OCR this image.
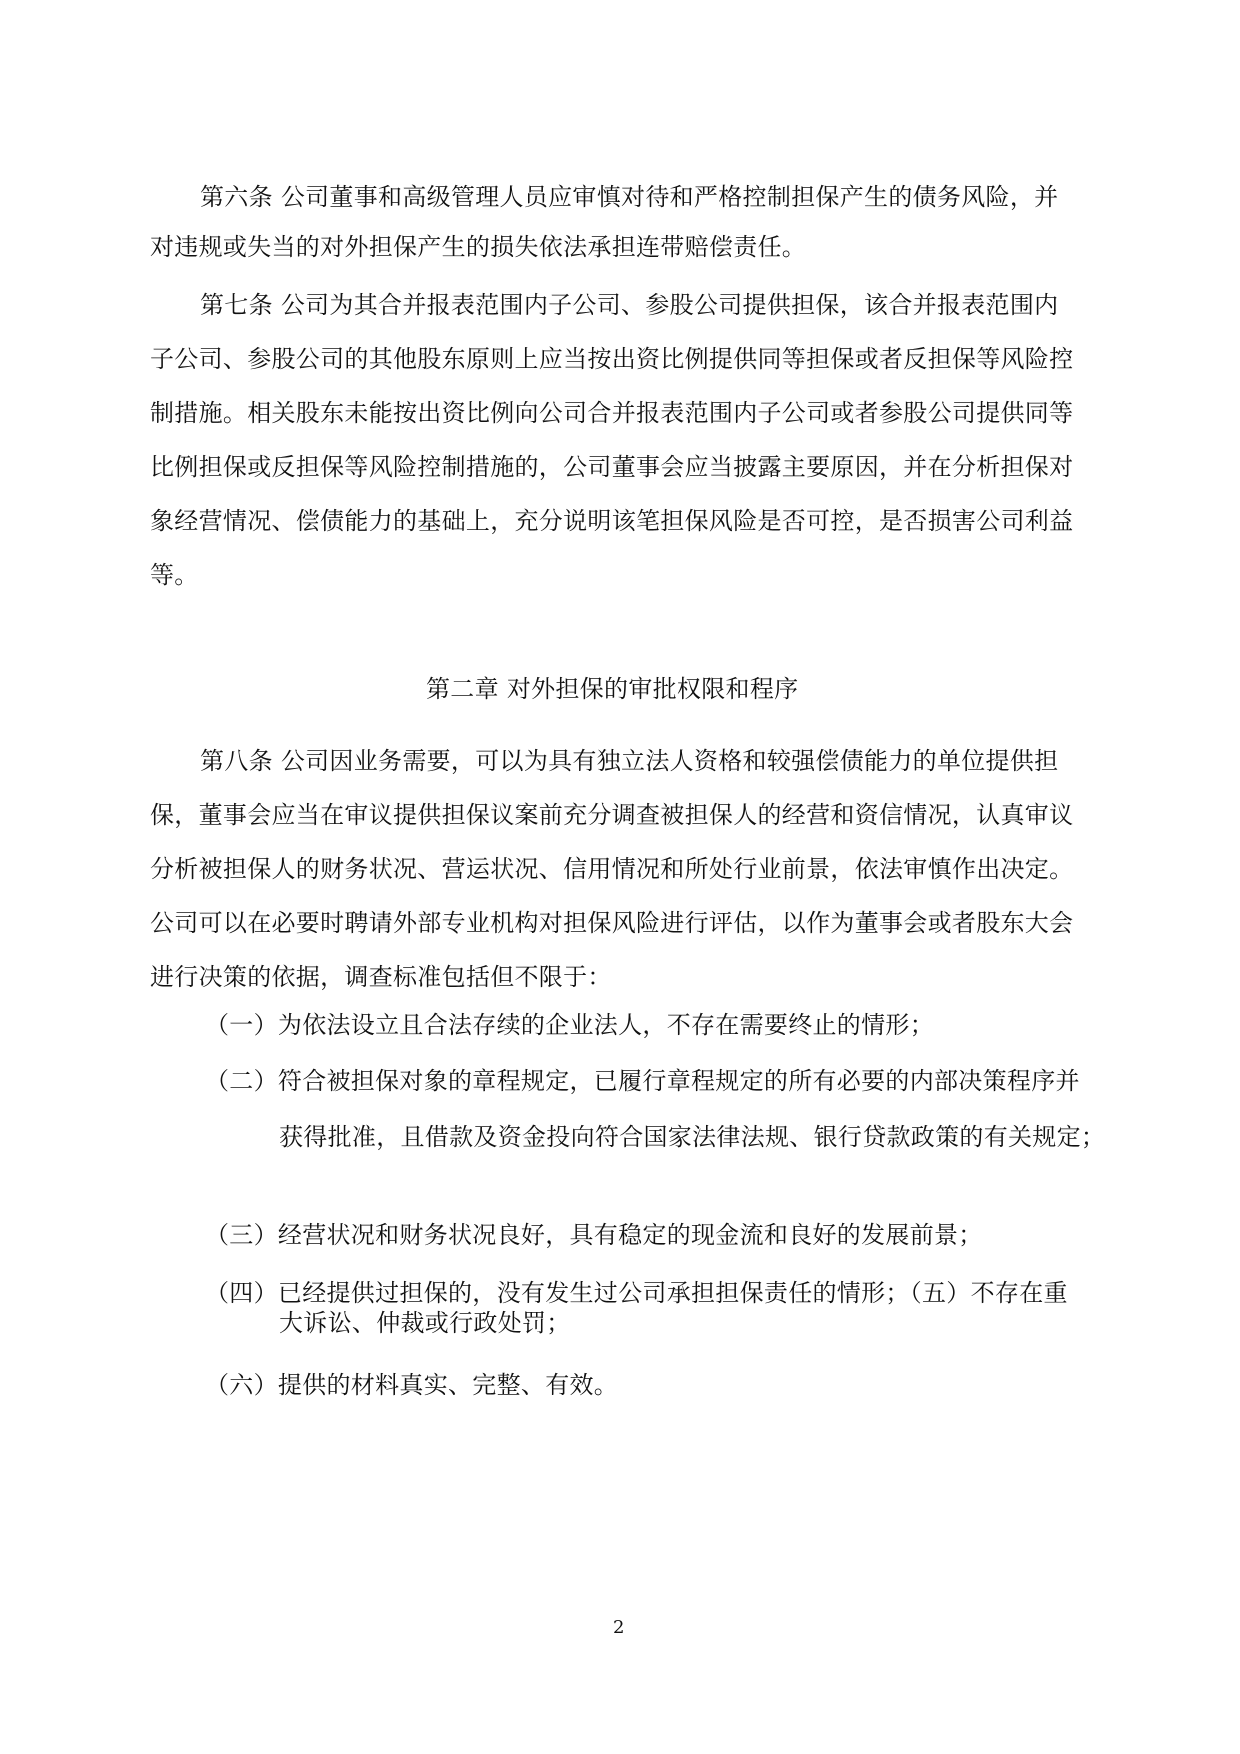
第六条 公司董事和高级管理人员应审慎对待和严格控制担保产生的债务风险，并
对违规或失当的对外担保产生的损失依法承担连带赔偿责任。
第七条 公司为其合并报表范围内子公司、参股公司提供担保，该合并报表范围内
子公司、参股公司的其他股东原则上应当按出资比例提供同等担保或者反担保等风险控
制措施。相关股东未能按出资比例向公司合并报表范围内子公司或者参股公司提供同等
比例担保或反担保等风险控制措施的，公司董事会应当披露主要原因，并在分析担保对
象经营情况、偿债能力的基础上，充分说明该笔担保风险是否可控，是否损害公司利益
等。
第二章 对外担保的审批权限和程序
第八条 公司因业务需要，可以为具有独立法人资格和较强偿债能力的单位提供担
保，董事会应当在审议提供担保议案前充分调查被担保人的经营和资信情况，认真审议
分析被担保人的财务状况、营运状况、信用情况和所处行业前景，依法审慎作出决定。
公司可以在必要时聘请外部专业机构对担保风险进行评估，以作为董事会或者股东大会
进行决策的依据，调查标准包括但不限于：
（一）为依法设立且合法存续的企业法人，不存在需要终止的情形；
（二）符合被担保对象的章程规定，已履行章程规定的所有必要的内部决策程序并
获得批准，且借款及资金投向符合国家法律法规、银行贷款政策的有关规定；
（三）经营状况和财务状况良好，具有稳定的现金流和良好的发展前景；
（四）已经提供过担保的，没有发生过公司承担担保责任的情形；（五）不存在重
大诉讼、仲裁或行政处罚；
（六）提供的材料真实、完整、有效。
2
